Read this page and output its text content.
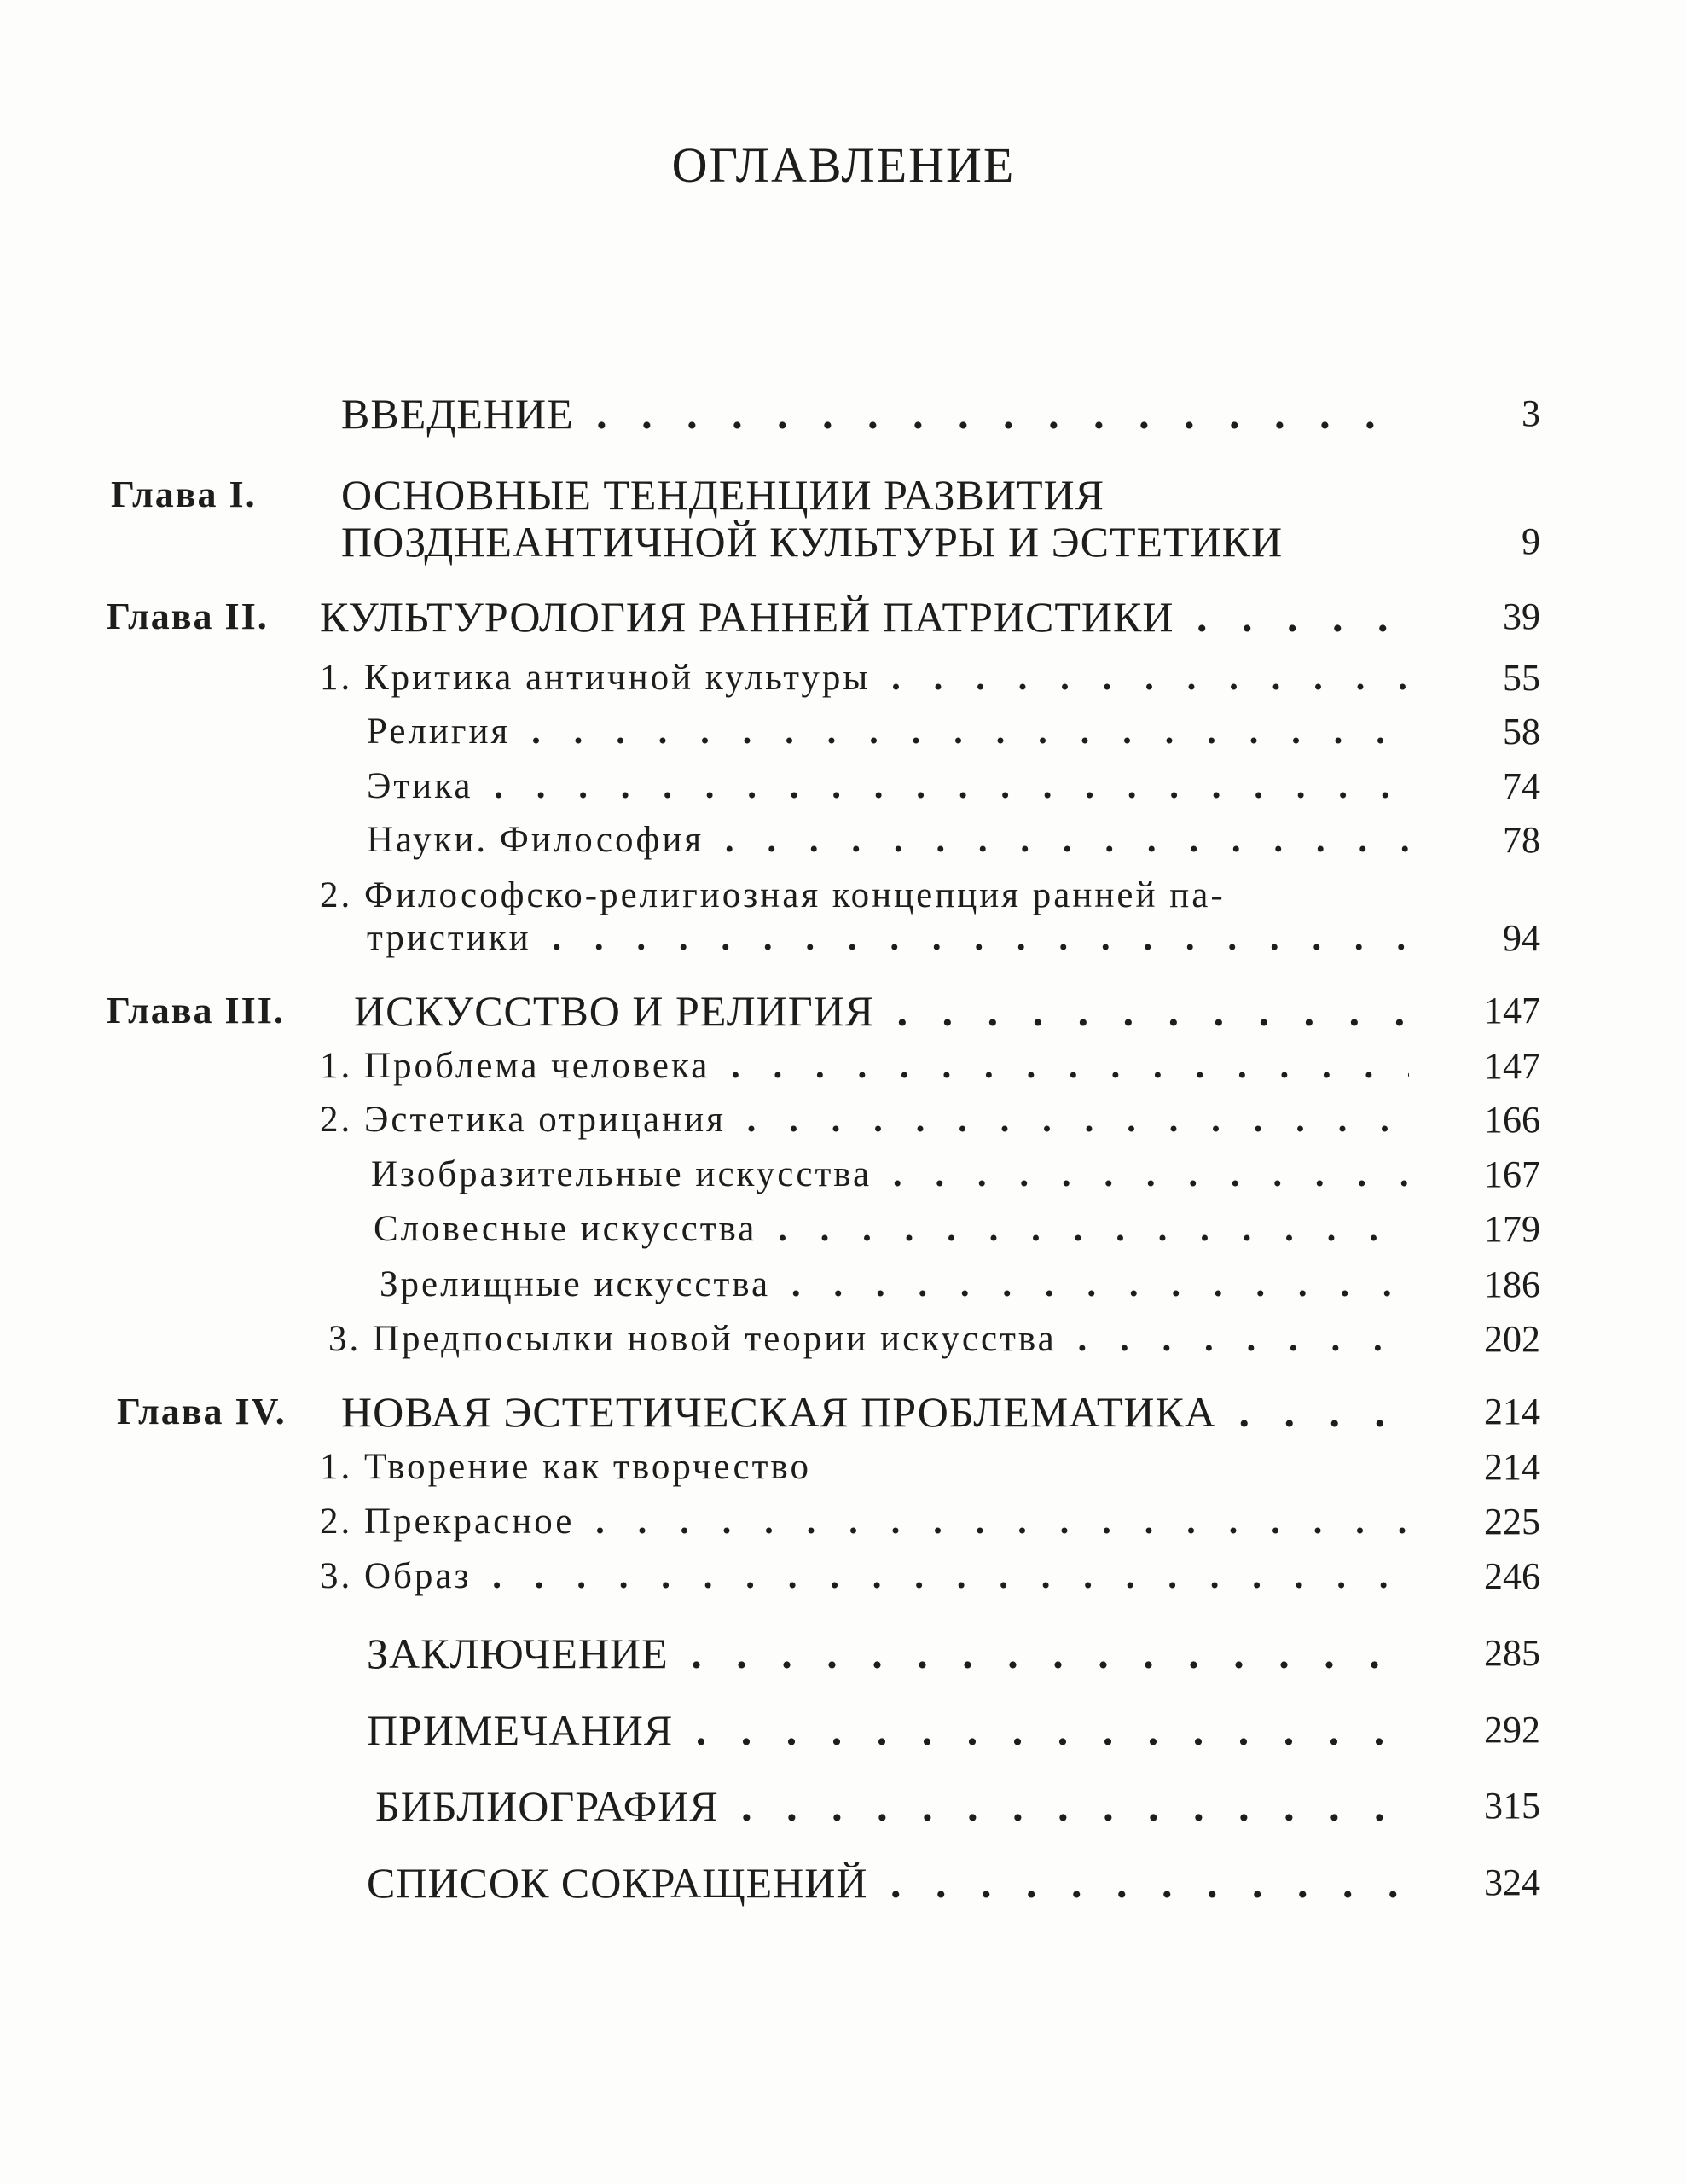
ОГЛАВЛЕНИЕ
ВВЕДЕНИЕ . . .	3
Глава I. ОСНОВНЫЕ ТЕНДЕНЦИИ РАЗВИТИЯ
ПОЗДНЕАНТИЧНОЙ КУЛЬТУРЫ И ЭСТЕТИКИ	9
Глава II. КУЛЬТУРОЛОГИЯ РАННЕЙ ПАТРИСТИКИ . . .	39
1. Критика античной культуры . . .	55
Религия . . .	58
Этика . . .	74
Науки. Философия . . .	78
2. Философско-религиозная концепция ранней па-
тристики . . .	94
Глава III. ИСКУССТВО И РЕЛИГИЯ . . .	147
1. Проблема человека . . .	147
2. Эстетика отрицания . . .	166
Изобразительные искусства . . .	167
Словесные искусства . . .	179
Зрелищные искусства . . .	186
3. Предпосылки новой теории искусства . . .	202
Глава IV. НОВАЯ ЭСТЕТИЧЕСКАЯ ПРОБЛЕМАТИКА . . .	214
1. Творение как творчество	214
2. Прекрасное . . .	225
3. Образ . . .	246
ЗАКЛЮЧЕНИЕ . . .	285
ПРИМЕЧАНИЯ . . .	292
БИБЛИОГРАФИЯ . . .	315
СПИСОК СОКРАЩЕНИЙ . . .	324
